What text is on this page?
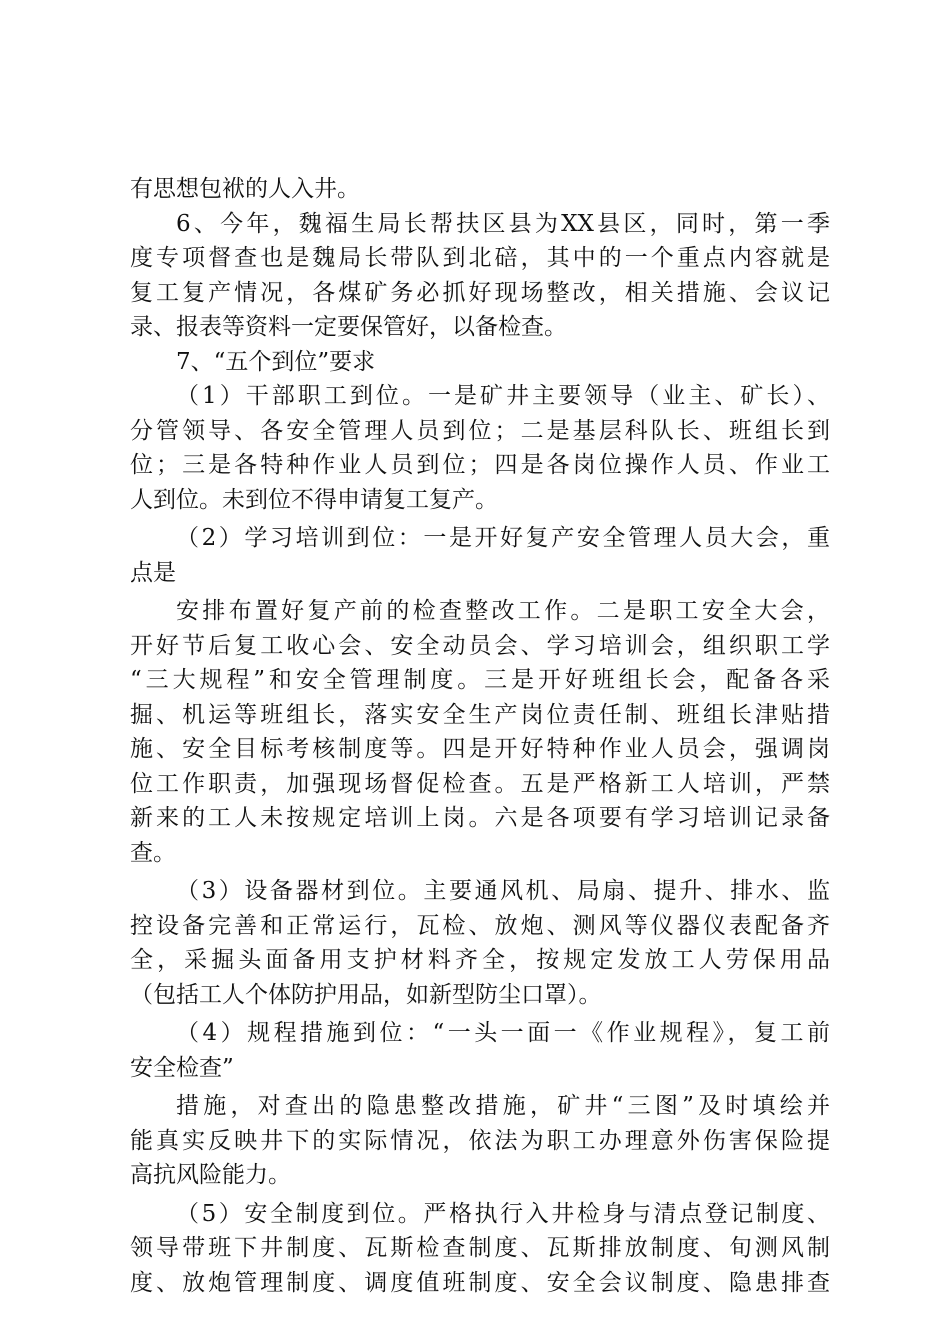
有思想包袱的人入井。
6、今年，魏福生局长帮扶区县为XX县区，同时，第一季
度专项督查也是魏局长带队到北碚，其中的一个重点内容就是
复工复产情况，各煤矿务必抓好现场整改，相关措施、会议记
录、报表等资料一定要保管好，以备检查。
7、“五个到位”要求
（1）干部职工到位。一是矿井主要领导（业主、矿长）、
分管领导、各安全管理人员到位；二是基层科队长、班组长到
位；三是各特种作业人员到位；四是各岗位操作人员、作业工
人到位。未到位不得申请复工复产。
（2）学习培训到位：一是开好复产安全管理人员大会，重
点是
安排布置好复产前的检查整改工作。二是职工安全大会，
开好节后复工收心会、安全动员会、学习培训会，组织职工学
“三大规程”和安全管理制度。三是开好班组长会，配备各采
掘、机运等班组长，落实安全生产岗位责任制、班组长津贴措
施、安全目标考核制度等。四是开好特种作业人员会，强调岗
位工作职责，加强现场督促检查。五是严格新工人培训，严禁
新来的工人未按规定培训上岗。六是各项要有学习培训记录备
查。
（3）设备器材到位。主要通风机、局扇、提升、排水、监
控设备完善和正常运行，瓦检、放炮、测风等仪器仪表配备齐
全，采掘头面备用支护材料齐全，按规定发放工人劳保用品
（包括工人个体防护用品，如新型防尘口罩）。
（4）规程措施到位：“一头一面一《作业规程》，复工前
安全检查”
措施，对查出的隐患整改措施，矿井“三图”及时填绘并
能真实反映井下的实际情况，依法为职工办理意外伤害保险提
高抗风险能力。
（5）安全制度到位。严格执行入井检身与清点登记制度、
领导带班下井制度、瓦斯检查制度、瓦斯排放制度、旬测风制
度、放炮管理制度、调度值班制度、安全会议制度、隐患排查
